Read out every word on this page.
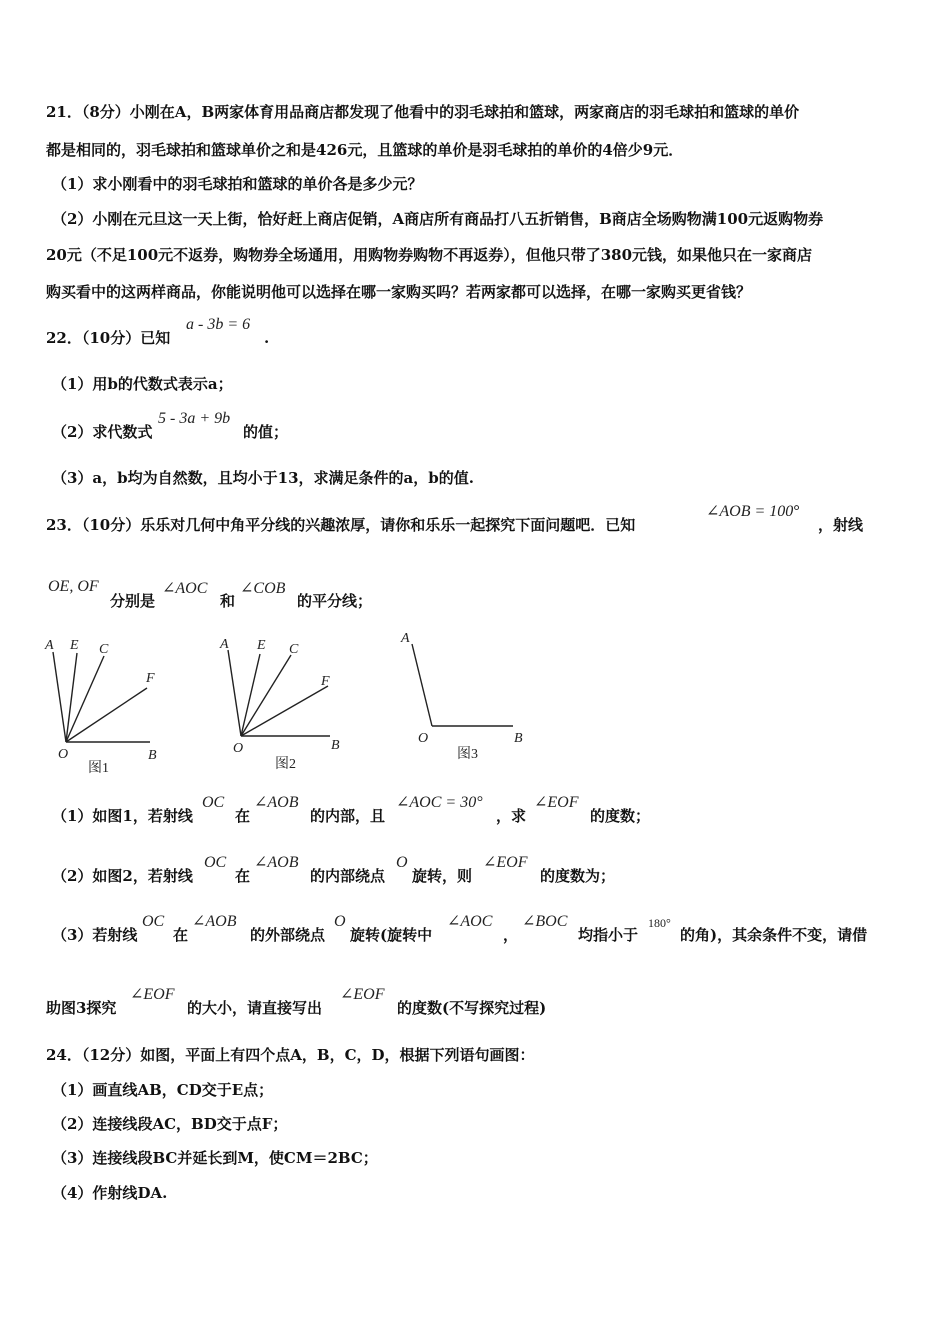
21．（8分）小刚在A，B两家体育用品商店都发现了他看中的羽毛球拍和篮球，两家商店的羽毛球拍和篮球的单价
都是相同的，羽毛球拍和篮球单价之和是426元，且篮球的单价是羽毛球拍的单价的4倍少9元．
（1）求小刚看中的羽毛球拍和篮球的单价各是多少元？
（2）小刚在元旦这一天上街，恰好赶上商店促销，A商店所有商品打八五折销售，B商店全场购物满100元返购物券
20元（不足100元不返券，购物券全场通用，用购物券购物不再返券），但他只带了380元钱，如果他只在一家商店
购买看中的这两样商品，你能说明他可以选择在哪一家购买吗？若两家都可以选择，在哪一家购买更省钱？
22．（10分）已知
a - 3b = 6
.
（1）用b的代数式表示a；
（2）求代数式
5 - 3a + 9b
的值；
（3）a，b均为自然数，且均小于13，求满足条件的a，b的值.
23．（10分）乐乐对几何中角平分线的兴趣浓厚，请你和乐乐一起探究下面问题吧．已知
∠AOB = 100°
，射线
OE, OF
分别是
∠AOC
和
∠COB
的平分线；
A E C
F
O	B
图1
A E C
F
O	B
图2
A
O	B
图3
（1）如图1，若射线
OC
在
∠AOB
的内部，且
∠AOC = 30°
，求
∠EOF
的度数；
（2）如图2，若射线
OC
在
∠AOB
的内部绕点
O
旋转，则
∠EOF
的度数为；
（3）若射线
OC
在
∠AOB
的外部绕点
O
旋转(旋转中
∠AOC
，
∠BOC
均指小于
180°
的角)，其余条件不变，请借
助图3探究
∠EOF
的大小，请直接写出
∠EOF
的度数(不写探究过程)
24．（12分）如图，平面上有四个点A，B，C，D，根据下列语句画图：
（1）画直线AB，CD交于E点；
（2）连接线段AC，BD交于点F；
（3）连接线段BC并延长到M，使CM＝2BC；
（4）作射线DA.
